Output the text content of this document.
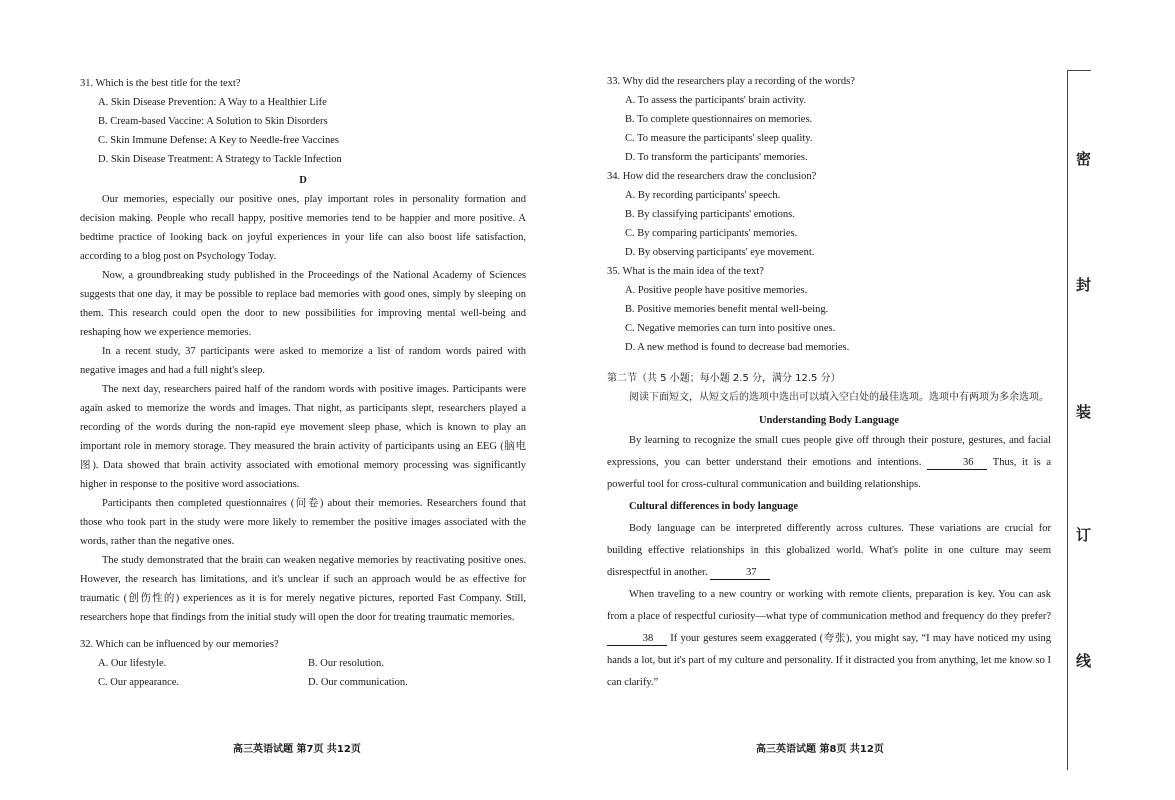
31. Which is the best title for the text?

A. Skin Disease Prevention: A Way to a Healthier Life

B. Cream-based Vaccine: A Solution to Skin Disorders

C. Skin Immune Defense: A Key to Needle-free Vaccines

D. Skin Disease Treatment: A Strategy to Tackle Infection

D

Our memories, especially our positive ones, play important roles in personality formation and decision making. People who recall happy, positive memories tend to be happier and more positive. A bedtime practice of looking back on joyful experiences in your life can also boost life satisfaction, according to a blog post on Psychology Today.

Now, a groundbreaking study published in the Proceedings of the National Academy of Sciences suggests that one day, it may be possible to replace bad memories with good ones, simply by sleeping on them. This research could open the door to new possibilities for improving mental well-being and reshaping how we experience memories.

In a recent study, 37 participants were asked to memorize a list of random words paired with negative images and had a full night's sleep.

The next day, researchers paired half of the random words with positive images. Participants were again asked to memorize the words and images. That night, as participants slept, researchers played a recording of the words during the non-rapid eye movement sleep phase, which is known to play an important role in memory storage. They measured the brain activity of participants using an EEG (脑电图). Data showed that brain activity associated with emotional memory processing was significantly higher in response to the positive word associations.

Participants then completed questionnaires (问卷) about their memories. Researchers found that those who took part in the study were more likely to remember the positive images associated with the words, rather than the negative ones.

The study demonstrated that the brain can weaken negative memories by reactivating positive ones. However, the research has limitations, and it's unclear if such an approach would be as effective for traumatic (创伤性的) experiences as it is for merely negative pictures, reported Fast Company. Still, researchers hope that findings from the initial study will open the door for treating traumatic memories.

32. Which can be influenced by our memories?

A. Our lifestyle.	B. Our resolution.
C. Our appearance.	D. Our communication.
高三英语试题 第7页 共12页

33. Why did the researchers play a recording of the words?

A. To assess the participants' brain activity.

B. To complete questionnaires on memories.

C. To measure the participants' sleep quality.

D. To transform the participants' memories.

34. How did the researchers draw the conclusion?

A. By recording participants' speech.

B. By classifying participants' emotions.

C. By comparing participants' memories.

D. By observing participants' eye movement.

35. What is the main idea of the text?

A. Positive people have positive memories.

B. Positive memories benefit mental well-being.

C. Negative memories can turn into positive ones.

D. A new method is found to decrease bad memories.

第二节（共 5 小题；每小题 2.5 分，满分 12.5 分）

阅读下面短文，从短文后的选项中选出可以填入空白处的最佳选项。选项中有两项为多余选项。

Understanding Body Language

By learning to recognize the small cues people give off through their posture, gestures, and facial expressions, you can better understand their emotions and intentions.	36 Thus, it is a powerful tool for cross-cultural communication and building relationships.

Cultural differences in body language

Body language can be interpreted differently across cultures. These variations are crucial for building effective relationships in this globalized world. What's polite in one culture may seem disrespectful in another.	37

When traveling to a new country or working with remote clients, preparation is key. You can ask from a place of respectful curiosity—what type of communication method and frequency do they prefer? 38 If your gestures seem exaggerated (夸张), you might say, “I may have noticed my using hands a lot, but it's part of my culture and personality. If it distracted you from anything, let me know so I can clarify.”

高三英语试题 第8页 共12页
密
封
装
订
线
